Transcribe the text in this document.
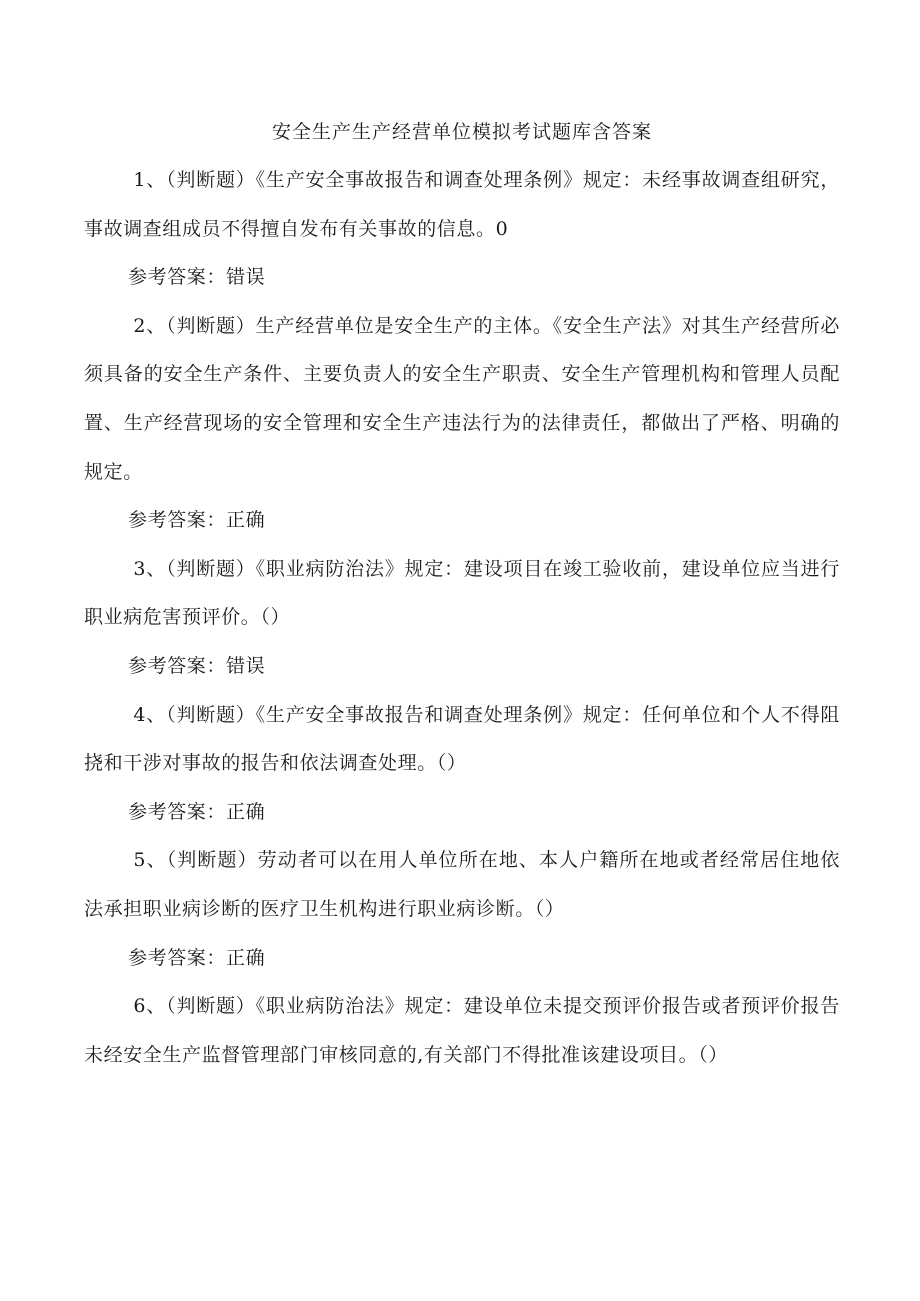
安全生产生产经营单位模拟考试题库含答案

1、（判断题）《生产安全事故报告和调查处理条例》规定：未经事故调查组研究，事故调查组成员不得擅自发布有关事故的信息。0

参考答案：错误

2、（判断题）生产经营单位是安全生产的主体。《安全生产法》对其生产经营所必须具备的安全生产条件、主要负责人的安全生产职责、安全生产管理机构和管理人员配置、生产经营现场的安全管理和安全生产违法行为的法律责任，都做出了严格、明确的规定。

参考答案：正确

3、（判断题）《职业病防治法》规定：建设项目在竣工验收前，建设单位应当进行职业病危害预评价。（）

参考答案：错误

4、（判断题）《生产安全事故报告和调查处理条例》规定：任何单位和个人不得阻挠和干涉对事故的报告和依法调查处理。（）

参考答案：正确

5、（判断题）劳动者可以在用人单位所在地、本人户籍所在地或者经常居住地依法承担职业病诊断的医疗卫生机构进行职业病诊断。（）

参考答案：正确

6、（判断题）《职业病防治法》规定：建设单位未提交预评价报告或者预评价报告未经安全生产监督管理部门审核同意的,有关部门不得批准该建设项目。（）
